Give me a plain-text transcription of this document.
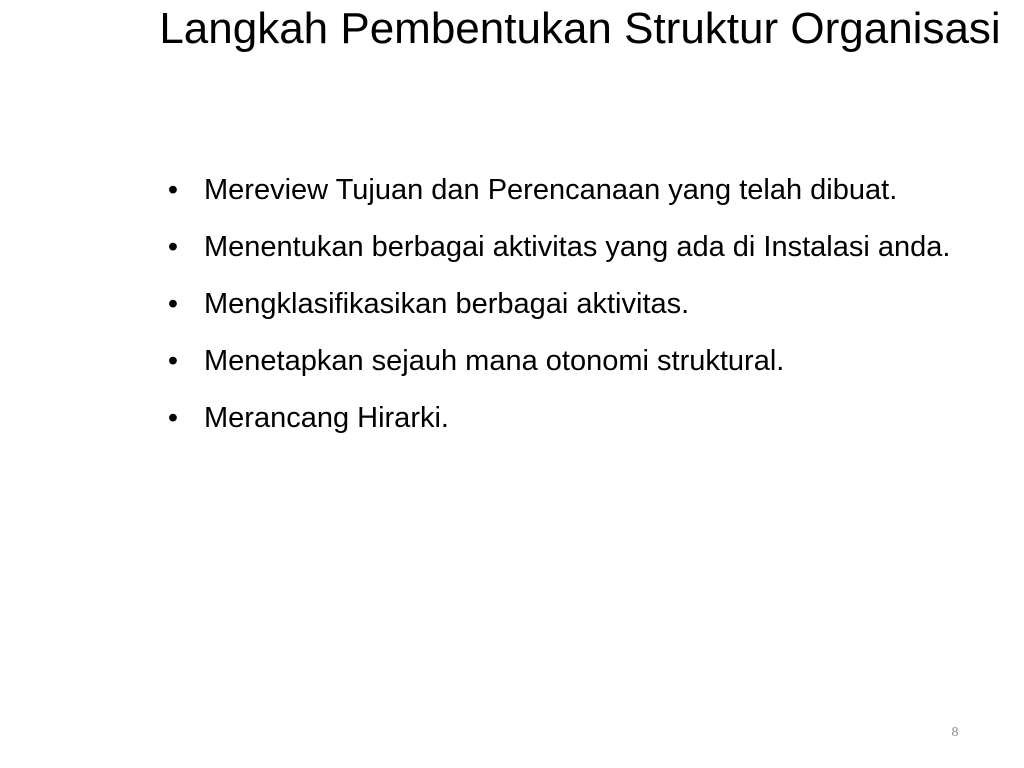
Langkah Pembentukan Struktur Organisasi
• Mereview Tujuan dan Perencanaan yang telah dibuat.
• Menentukan berbagai aktivitas yang ada di Instalasi anda.
• Mengklasifikasikan berbagai aktivitas.
• Menetapkan sejauh mana otonomi struktural.
• Merancang Hirarki.
8
